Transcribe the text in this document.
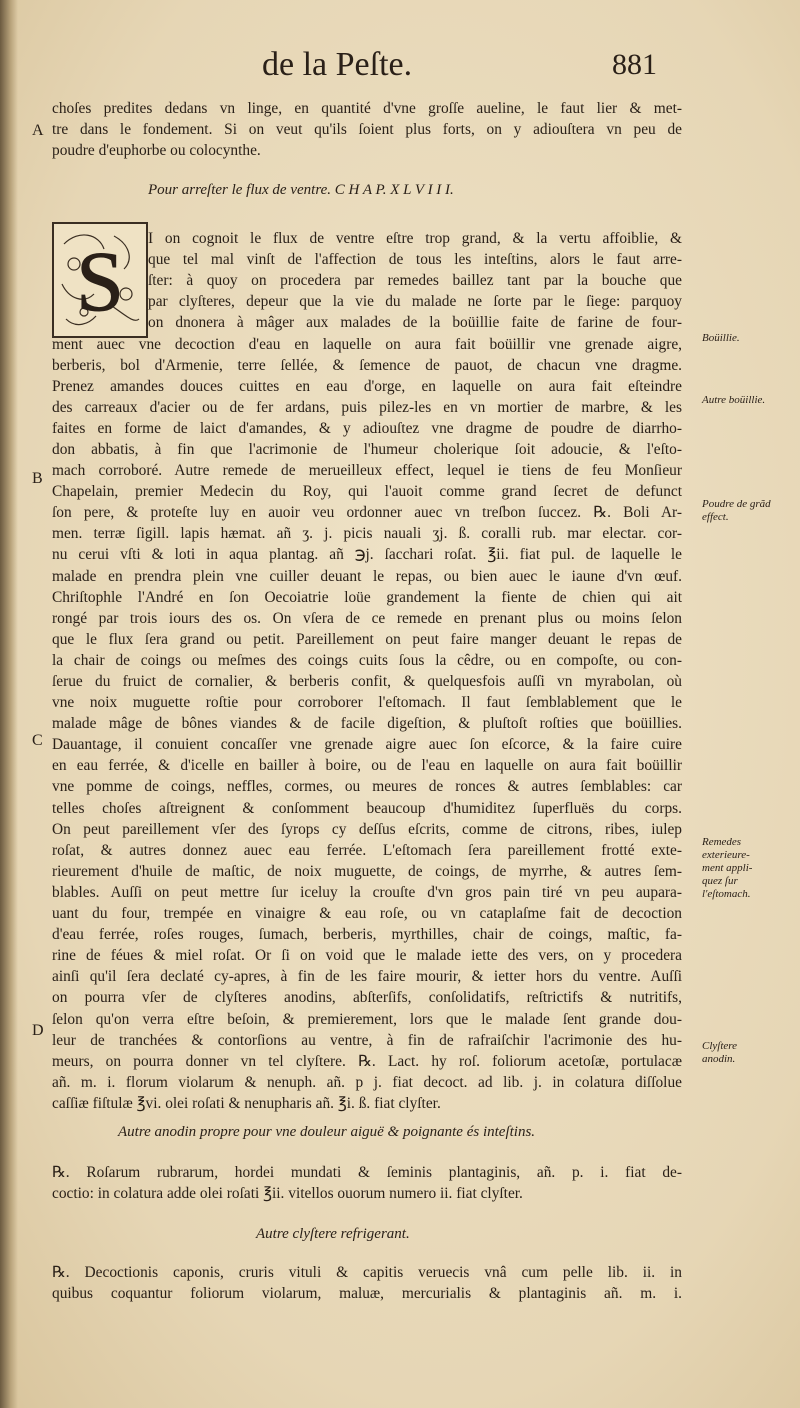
de la Peſte.	881
A
B
C
D
choſes predites dedans vn linge, en quantité d'vne groſſe aueline, le faut lier & met-
tre dans le fondement. Si on veut qu'ils ſoient plus forts, on y adiouſtera vn peu de
poudre d'euphorbe ou colocynthe.
Pour arreſter le flux de ventre. C H A P. X L V I I I.
S I on cognoit le flux de ventre eſtre trop grand, & la vertu affoiblie, &
que tel mal vinſt de l'affection de tous les inteſtins, alors le faut arre-
ſter: à quoy on procedera par remedes baillez tant par la bouche que
par clyſteres, depeur que la vie du malade ne ſorte par le ſiege: parquoy
on dnonera à mâger aux malades de la boüillie faite de farine de four-
ment auec vne decoction d'eau en laquelle on aura fait boüillir vne grenade aigre,
berberis, bol d'Armenie, terre ſellée, & ſemence de pauot, de chacun vne dragme.
Prenez amandes douces cuittes en eau d'orge, en laquelle on aura fait eſteindre
des carreaux d'acier ou de fer ardans, puis pilez-les en vn mortier de marbre, & les
faites en forme de laict d'amandes, & y adiouſtez vne dragme de poudre de diarrho-
don abbatis, à fin que l'acrimonie de l'humeur cholerique ſoit adoucie, & l'eſto-
mach corroboré. Autre remede de merueilleux effect, lequel ie tiens de feu Monſieur
Chapelain, premier Medecin du Roy, qui l'auoit comme grand ſecret de defunct
ſon pere, & proteſte luy en auoir veu ordonner auec vn treſbon ſuccez. ℞. Boli Ar-
men. terræ ſigill. lapis hæmat. añ ʒ. j. picis nauali ʒj. ß. coralli rub. mar electar. cor-
nu cerui vſti & loti in aqua plantag. añ ℈j. ſacchari roſat. ℥ii. fiat pul. de laquelle le
malade en prendra plein vne cuiller deuant le repas, ou bien auec le iaune d'vn œuf.
Chriſtophle l'André en ſon Oecoiatrie loüe grandement la fiente de chien qui ait
rongé par trois iours des os. On vſera de ce remede en prenant plus ou moins ſelon
que le flux ſera grand ou petit. Pareillement on peut faire manger deuant le repas de
la chair de coings ou meſmes des coings cuits ſous la cêdre, ou en compoſte, ou con-
ſerue du fruict de cornalier, & berberis confit, & quelquesfois auſſi vn myrabolan, où
vne noix muguette roſtie pour corroborer l'eſtomach. Il faut ſemblablement que le
malade mâge de bônes viandes & de facile digeſtion, & pluſtoſt roſties que boüillies.
Dauantage, il conuient concaſſer vne grenade aigre auec ſon eſcorce, & la faire cuire
en eau ferrée, & d'icelle en bailler à boire, ou de l'eau en laquelle on aura fait boüillir
vne pomme de coings, neffles, cormes, ou meures de ronces & autres ſemblables: car
telles choſes aſtreignent & conſomment beaucoup d'humiditez ſuperfluës du corps.
On peut pareillement vſer des ſyrops cy deſſus eſcrits, comme de citrons, ribes, iulep
roſat, & autres donnez auec eau ferrée. L'eſtomach ſera pareillement frotté exte-
rieurement d'huile de maſtic, de noix muguette, de coings, de myrrhe, & autres ſem-
blables. Auſſi on peut mettre ſur iceluy la crouſte d'vn gros pain tiré vn peu auparа-
uant du four, trempée en vinaigre & eau roſe, ou vn cataplaſme fait de decoction
d'eau ferrée, roſes rouges, ſumach, berberis, myrthilles, chair de coings, maſtic, fa-
rine de féues & miel roſat. Or ſi on void que le malade iette des vers, on y procedera
ainſi qu'il ſera declaté cy-apres, à fin de les faire mourir, & ietter hors du ventre. Auſſi
on pourra vſer de clyſteres anodins, abſterſifs, conſolidatifs, reſtrictifs & nutritifs,
ſelon qu'on verra eſtre beſoin, & premierement, lors que le malade ſent grande dou-
leur de tranchées & contorſions au ventre, à fin de rafraiſchir l'acrimonie des hu-
meurs, on pourra donner vn tel clyſtere. ℞. Lact. hy roſ. foliorum acetoſæ, portulacæ
añ. m. i. florum violarum & nenuph. añ. p j. fiat decoct. ad lib. j. in colatura diſſolue
caſſiæ fiſtulæ ℥vi. olei roſati & nenupharis añ. ℥i. ß. fiat clyſter.
Autre anodin propre pour vne douleur aiguë & poignante és inteſtins.
℞. Roſarum rubrarum, hordei mundati & ſeminis plantaginis, añ. p. i. fiat de-
coctio: in colatura adde olei roſati ℥ii. vitellos ouorum numero ii. fiat clyſter.
Autre clyſtere refrigerant.
℞. Decoctionis caponis, cruris vituli & capitis veruecis vnâ cum pelle lib. ii. in
quibus coquantur foliorum violarum, maluæ, mercurialis & plantaginis añ. m. i.
Boüillie.
Autre boüillie.
Poudre de grãd effect.
Remedes exterieure- ment appli- quez ſur l'eſtomach.
Clyſtere anodin.
